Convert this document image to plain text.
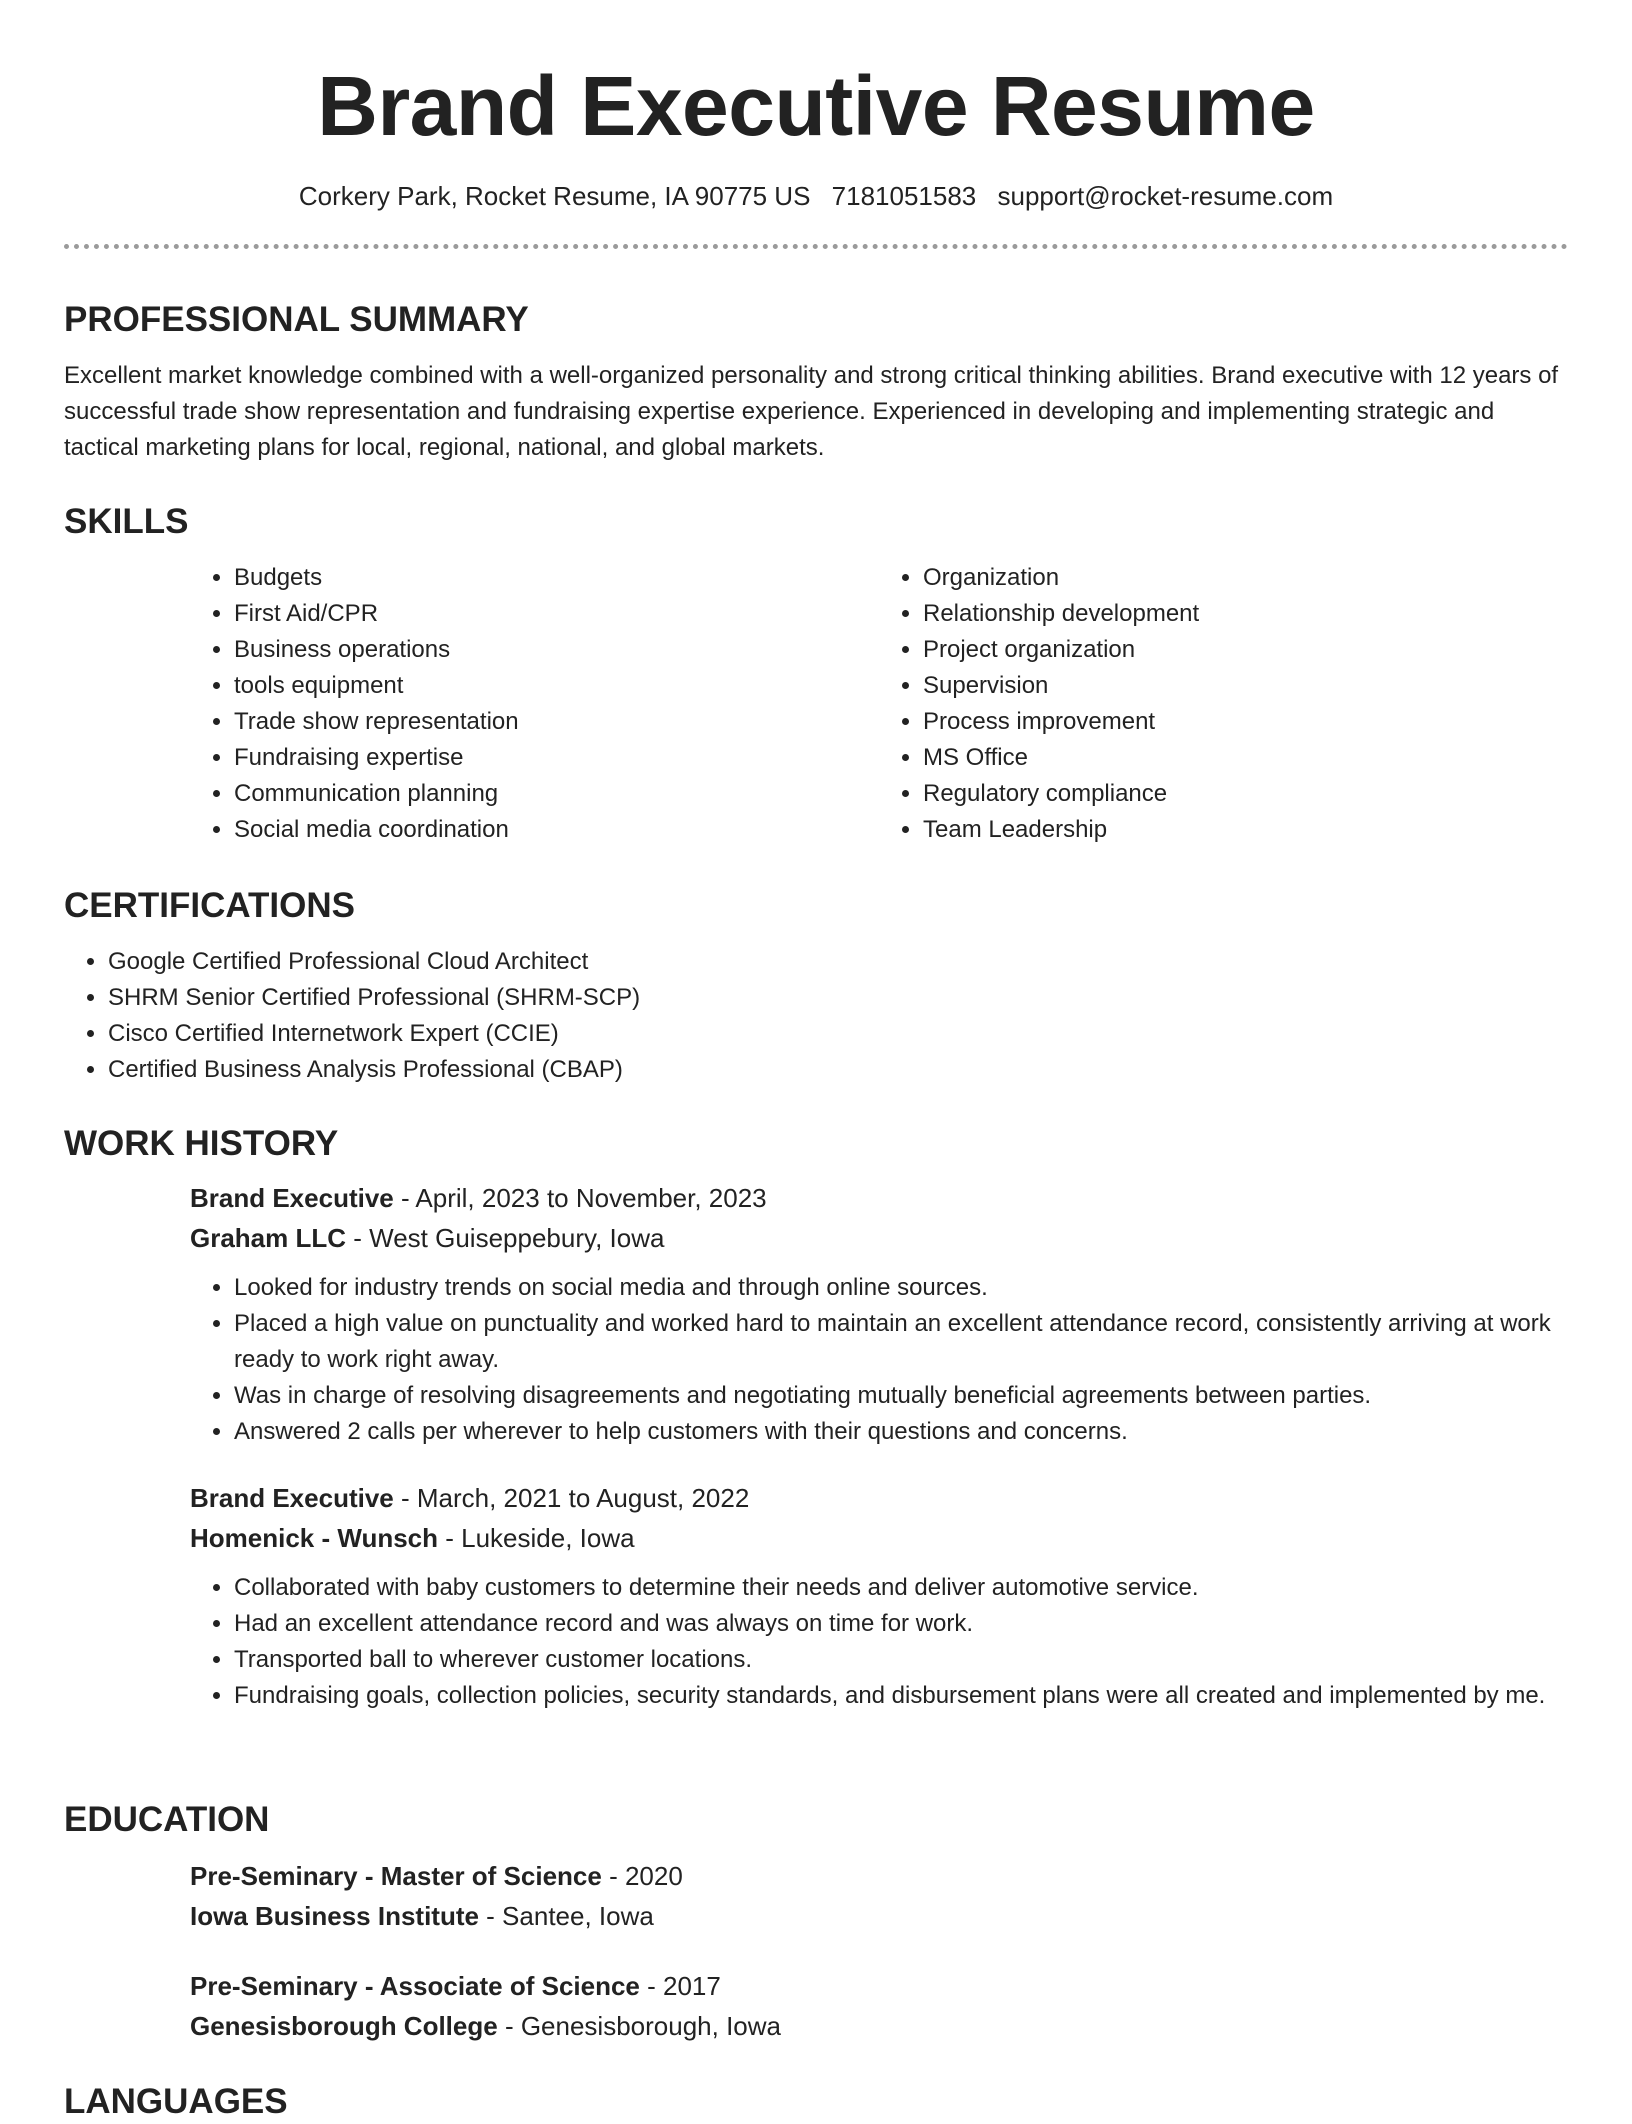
Brand Executive Resume
Corkery Park, Rocket Resume, IA 90775 US 7181051583 support@rocket-resume.com
PROFESSIONAL SUMMARY

Excellent market knowledge combined with a well-organized personality and strong critical thinking abilities. Brand executive with 12 years of successful trade show representation and fundraising expertise experience. Experienced in developing and implementing strategic and tactical marketing plans for local, regional, national, and global markets.

SKILLS
• Budgets
• First Aid/CPR
• Business operations
• tools equipment
• Trade show representation
• Fundraising expertise
• Communication planning
• Social media coordination
• Organization
• Relationship development
• Project organization
• Supervision
• Process improvement
• MS Office
• Regulatory compliance
• Team Leadership
CERTIFICATIONS
• Google Certified Professional Cloud Architect
• SHRM Senior Certified Professional (SHRM-SCP)
• Cisco Certified Internetwork Expert (CCIE)
• Certified Business Analysis Professional (CBAP)
WORK HISTORY

Brand Executive - April, 2023 to November, 2023

Graham LLC - West Guiseppebury, Iowa

• Looked for industry trends on social media and through online sources.
• Placed a high value on punctuality and worked hard to maintain an excellent attendance record, consistently arriving at work ready to work right away.
• Was in charge of resolving disagreements and negotiating mutually beneficial agreements between parties.
• Answered 2 calls per wherever to help customers with their questions and concerns.

Brand Executive - March, 2021 to August, 2022

Homenick - Wunsch - Lukeside, Iowa

• Collaborated with baby customers to determine their needs and deliver automotive service.
• Had an excellent attendance record and was always on time for work.
• Transported ball to wherever customer locations.
• Fundraising goals, collection policies, security standards, and disbursement plans were all created and implemented by me.
EDUCATION

Pre-Seminary - Master of Science - 2020

Iowa Business Institute - Santee, Iowa

Pre-Seminary - Associate of Science - 2017

Genesisborough College - Genesisborough, Iowa

LANGUAGES
